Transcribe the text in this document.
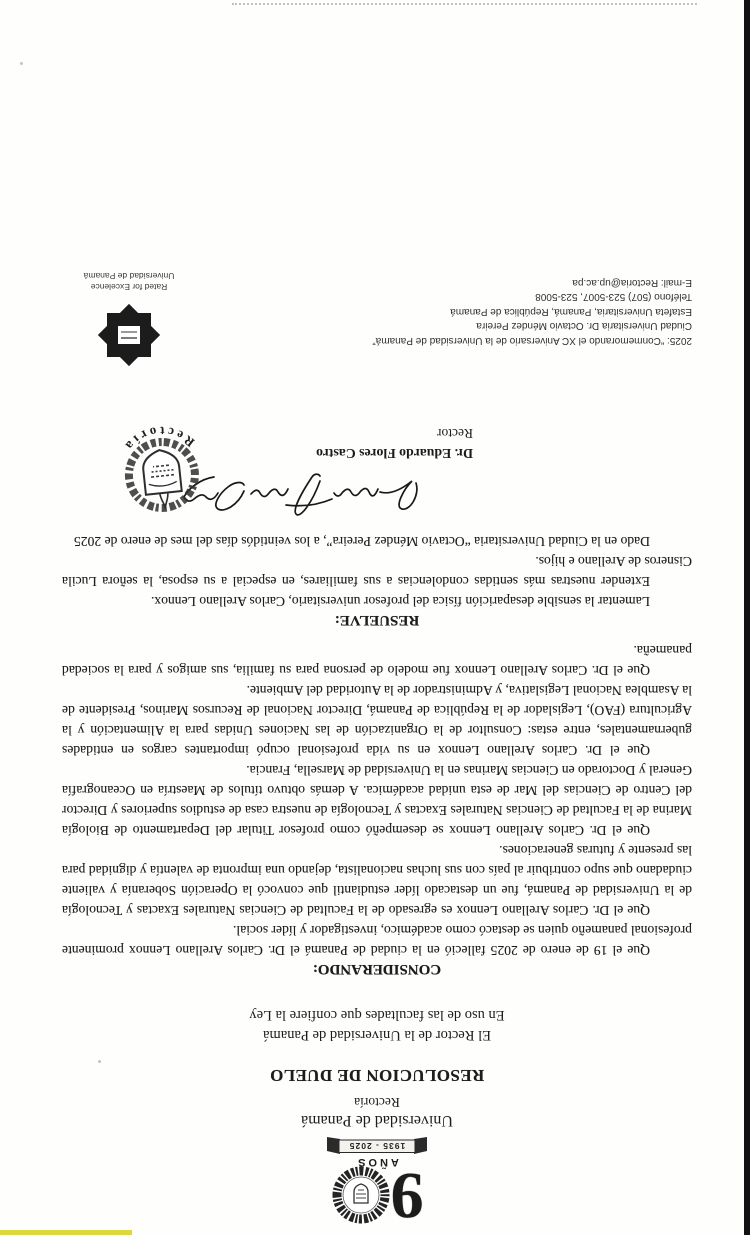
9
AÑOS
1935 - 2025
Universidad de Panamá
Rectoría
RESOLUCION DE DUELO
El Rector de la Universidad de Panamá
En uso de las facultades que confiere la Ley
CONSIDERANDO:

Que el 19 de enero de 2025 falleció en la ciudad de Panamá el Dr. Carlos Arellano Lennox prominente profesional panameño quien se destacó como académico, investigador y líder social.

Que el Dr. Carlos Arellano Lennox es egresado de la Facultad de Ciencias Naturales Exactas y Tecnología de la Universidad de Panamá, fue un destacado líder estudiantil que convocó la Operación Soberanía y valiente ciudadano que supo contribuir al país con sus luchas nacionalista, dejando una impronta de valentía y dignidad para las presente y futuras generaciones.

Que el Dr. Carlos Arellano Lennox se desempeñó como profesor Titular del Departamento de Biología Marina de la Facultad de Ciencias Naturales Exactas y Tecnología de nuestra casa de estudios superiores y Director del Centro de Ciencias del Mar de esta unidad académica. A demás obtuvo títulos de Maestría en Oceanografía General y Doctorado en Ciencias Marinas en la Universidad de Marsella, Francia.

Que el Dr. Carlos Arellano Lennox en su vida profesional ocupó importantes cargos en entidades gubernamentales, entre estas: Consultor de la Organización de las Naciones Unidas para la Alimentación y la Agricultura (FAO), Legislador de la República de Panamá, Director Nacional de Recursos Marinos, Presidente de la Asamblea Nacional Legislativa, y Administrador de la Autoridad del Ambiente.

Que el Dr. Carlos Arellano Lennox fue modelo de persona para su familia, sus amigos y para la sociedad panameña.

RESUELVE:

Lamentar la sensible desaparición física del profesor universitario, Carlos Arellano Lennox.

Extender nuestras más sentidas condolencias a sus familiares, en especial a su esposa, la señora Lucila Cisneros de Arellano e hijos.

Dado en la Ciudad Universitaria “Octavio Méndez Pereira”, a los veintidós días del mes de enero de 2025

Dr. Eduardo Flores Castro
Rector
Rectoría
2025: “Conmemorando el XC Aniversario de la Universidad de Panamá”
Ciudad Universitaria Dr. Octavio Méndez Pereira
Estafeta Universitaria, Panamá, República de Panamá
Teléfono (507) 523-5007, 523-5008
E-mail: Rectoria@up.ac.pa
Rated for Excelence
Universidad de Panamá
